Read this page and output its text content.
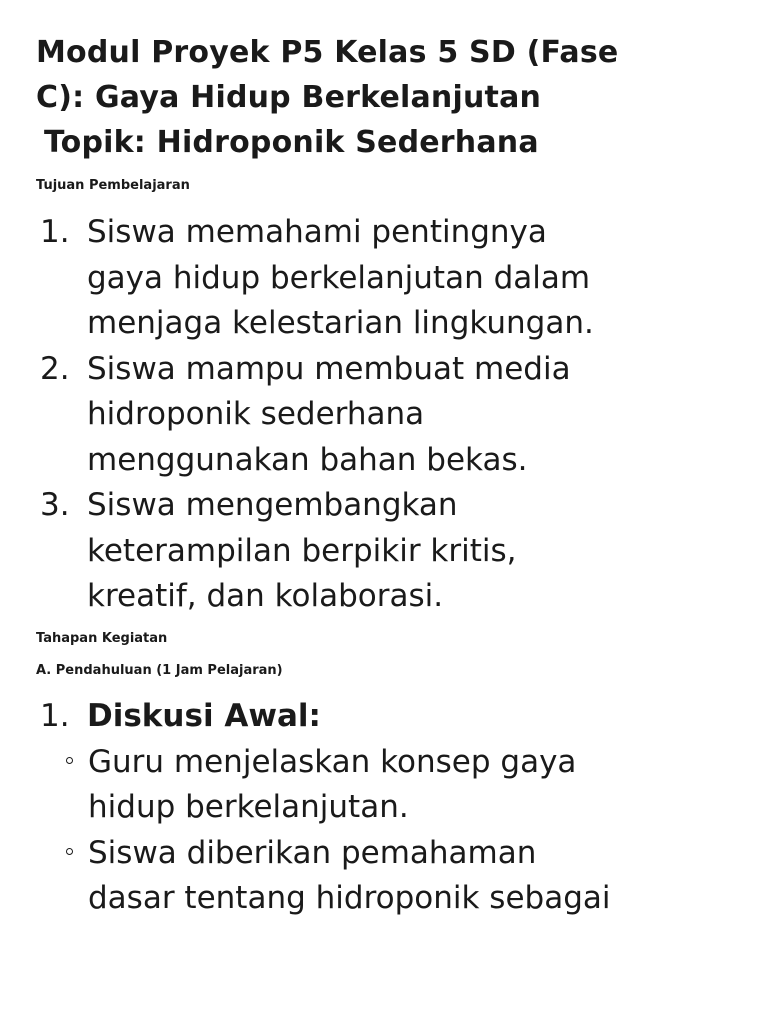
Modul Proyek P5 Kelas 5 SD (Fase
C): Gaya Hidup Berkelanjutan
Topik: Hidroponik Sederhana
Tujuan Pembelajaran
1. Siswa memahami pentingnya
gaya hidup berkelanjutan dalam
menjaga kelestarian lingkungan.
2. Siswa mampu membuat media
hidroponik sederhana
menggunakan bahan bekas.
3. Siswa mengembangkan
keterampilan berpikir kritis,
kreatif, dan kolaborasi.
Tahapan Kegiatan
A. Pendahuluan (1 Jam Pelajaran)
1. Diskusi Awal:
Guru menjelaskan konsep gaya
hidup berkelanjutan.
Siswa diberikan pemahaman
dasar tentang hidroponik sebagai
